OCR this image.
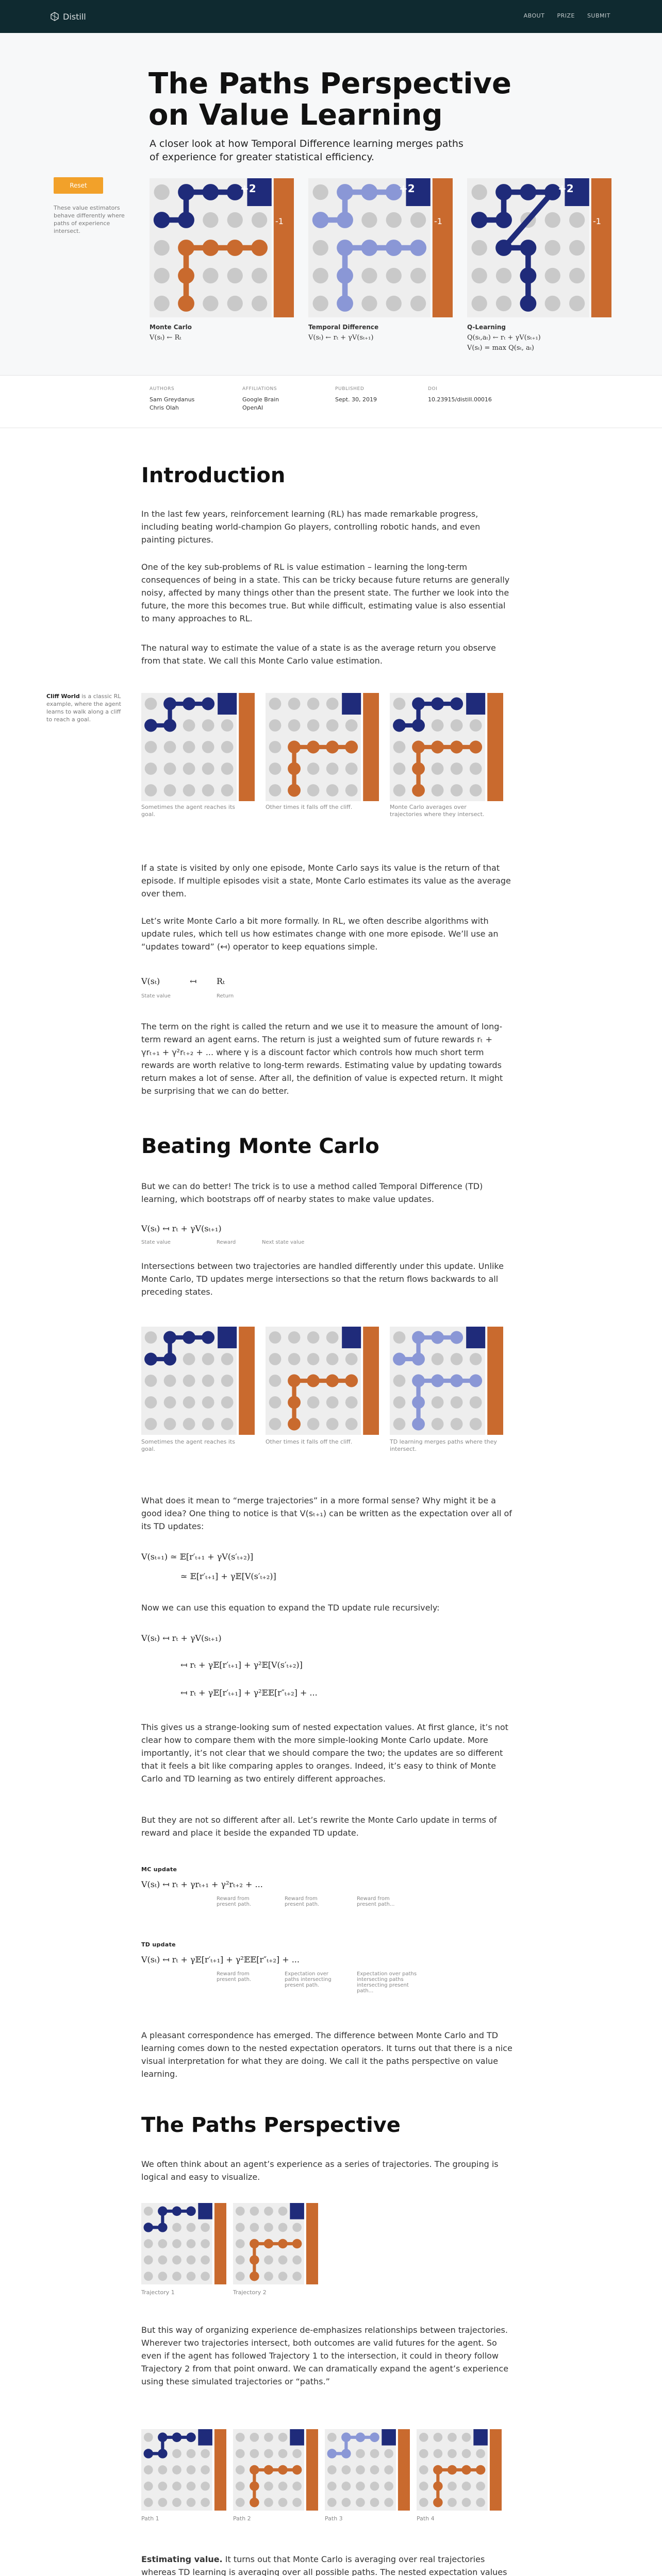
Distill	ABOUT PRIZE SUBMIT
The Paths Perspective on Value Learning

A closer look at how Temporal Difference learning merges paths of experience for greater statistical efficiency.

Reset

These value estimators behave differently where paths of experience intersect.

+2
-1
+2
-1
+2
-1
Monte Carlo
V(sₜ) ← Rₜ
Temporal Difference
V(sₜ) ← rₜ + γV(sₜ₊₁)
Q-Learning
Q(sₜ,aₜ) ← rₜ + γV(sₜ₊₁)
V(sₜ) = max Q(sₜ, aₜ)
AUTHORS
Sam Greydanus
Chris Olah
AFFILIATIONS
Google Brain
OpenAI
PUBLISHED
Sept. 30, 2019
DOI
10.23915/distill.00016
Introduction

In the last few years, reinforcement learning (RL) has made remarkable progress, including beating world-champion Go players, controlling robotic hands, and even painting pictures.

One of the key sub-problems of RL is value estimation – learning the long-term consequences of being in a state. This can be tricky because future returns are generally noisy, affected by many things other than the present state. The further we look into the future, the more this becomes true. But while difficult, estimating value is also essential to many approaches to RL.

The natural way to estimate the value of a state is as the average return you observe from that state. We call this Monte Carlo value estimation.

Cliff World is a classic RL example, where the agent learns to walk along a cliff to reach a goal.

Sometimes the agent reaches its goal.

Other times it falls off the cliff.	Monte Carlo averages over trajectories where they intersect.

If a state is visited by only one episode, Monte Carlo says its value is the return of that episode. If multiple episodes visit a state, Monte Carlo estimates its value as the average over them.

Let’s write Monte Carlo a bit more formally. In RL, we often describe algorithms with update rules, which tell us how estimates change with one more episode. We’ll use an “updates toward” (↤) operator to keep equations simple.

V(sₜ)	↤ Rₜ
State value	Return

The term on the right is called the return and we use it to measure the amount of long-term reward an agent earns. The return is just a weighted sum of future rewards rₜ + γrₜ₊₁ + γ²rₜ₊₂ + ... where γ is a discount factor which controls how much short term rewards are worth relative to long-term rewards. Estimating value by updating towards return makes a lot of sense. After all, the definition of value is expected return. It might be surprising that we can do better.

Beating Monte Carlo

But we can do better! The trick is to use a method called Temporal Difference (TD) learning, which bootstraps off of nearby states to make value updates.

V(sₜ) ↤ rₜ + γV(sₜ₊₁)
State value	Reward	Next state value

Intersections between two trajectories are handled differently under this update. Unlike Monte Carlo, TD updates merge intersections so that the return flows backwards to all preceding states.

Sometimes the agent reaches its goal.

Other times it falls off the cliff.	TD learning merges paths where they intersect.

What does it mean to “merge trajectories” in a more formal sense? Why might it be a good idea? One thing to notice is that V(sₜ₊₁) can be written as the expectation over all of its TD updates:

V(sₜ₊₁) ≃ 𝔼[r′ₜ₊₁ + γV(s′ₜ₊₂)]
≃ 𝔼[r′ₜ₊₁] + γ𝔼[V(s′ₜ₊₂)]

Now we can use this equation to expand the TD update rule recursively:

V(sₜ) ↤ rₜ + γV(sₜ₊₁)
↤ rₜ + γ𝔼[r′ₜ₊₁] + γ²𝔼[V(s′ₜ₊₂)]
↤ rₜ + γ𝔼[r′ₜ₊₁] + γ²𝔼𝔼[r″ₜ₊₂] + ...

This gives us a strange-looking sum of nested expectation values. At first glance, it’s not clear how to compare them with the more simple-looking Monte Carlo update. More importantly, it’s not clear that we should compare the two; the updates are so different that it feels a bit like comparing apples to oranges. Indeed, it’s easy to think of Monte Carlo and TD learning as two entirely different approaches.

But they are not so different after all. Let’s rewrite the Monte Carlo update in terms of reward and place it beside the expanded TD update.

MC update
V(sₜ) ↤ rₜ + γrₜ₊₁ + γ²rₜ₊₂ + ...
Reward from present path.
Reward from present path.
Reward from present path...
TD update
V(sₜ) ↤ rₜ + γ𝔼[r′ₜ₊₁] + γ²𝔼𝔼[r″ₜ₊₂] + ...
Reward from present path.
Expectation over paths intersecting present path.
Expectation over paths intersecting paths intersecting present path...

A pleasant correspondence has emerged. The difference between Monte Carlo and TD learning comes down to the nested expectation operators. It turns out that there is a nice visual interpretation for what they are doing. We call it the paths perspective on value learning.

The Paths Perspective

We often think about an agent’s experience as a series of trajectories. The grouping is logical and easy to visualize.

Trajectory 1	Trajectory 2

But this way of organizing experience de-emphasizes relationships between trajectories. Wherever two trajectories intersect, both outcomes are valid futures for the agent. So even if the agent has followed Trajectory 1 to the intersection, it could in theory follow Trajectory 2 from that point onward. We can dramatically expand the agent’s experience using these simulated trajectories or “paths.”

Path 1	Path 2	Path 3	Path 4

Estimating value. It turns out that Monte Carlo is averaging over real trajectories whereas TD learning is averaging over all possible paths. The nested expectation values
